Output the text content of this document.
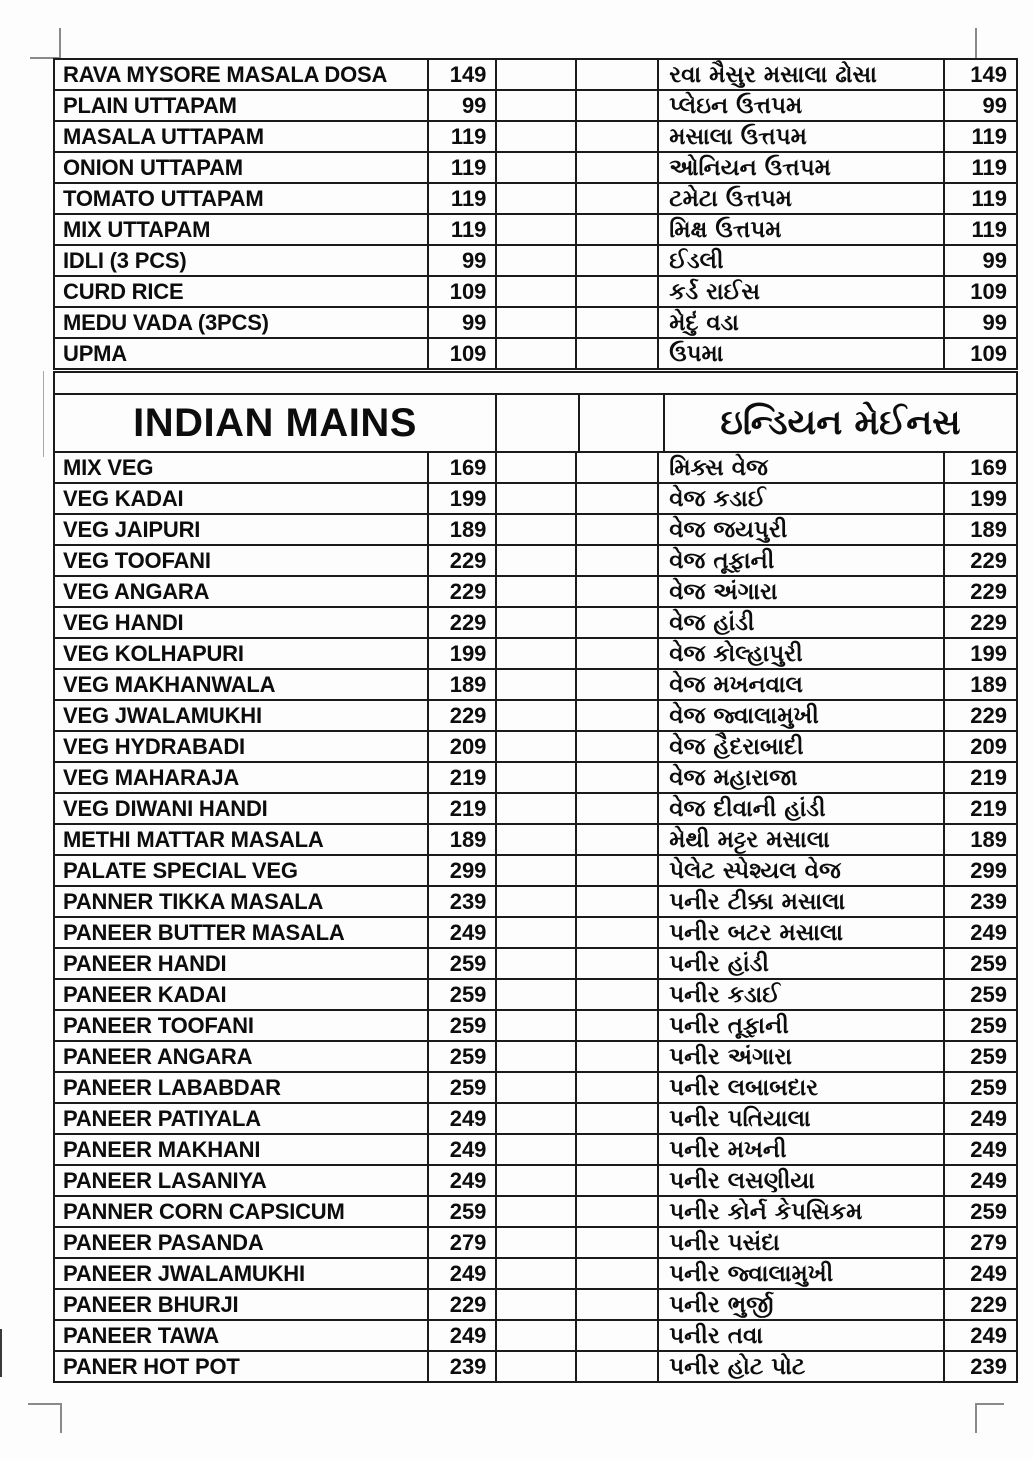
RAVA MYSORE MASALA DOSA	149	રવા મૈસુર મસાલા ઢોસા	149
PLAIN UTTAPAM	99	પ્લેઇન ઉત્તપમ	99
MASALA UTTAPAM	119	મસાલા ઉત્તપમ	119
ONION UTTAPAM	119	ઓનિયન ઉત્તપમ	119
TOMATO UTTAPAM	119	ટમેટા ઉત્તપમ	119
MIX UTTAPAM	119	મિક્ષ ઉત્તપમ	119
IDLI (3 PCS)	99	ઈડલી	99
CURD RICE	109	કર્ડ રાઈસ	109
MEDU VADA (3PCS)	99	મેદું વડા	99
UPMA	109	ઉપમા	109
INDIAN MAINS	ઇન્ડિયન મેઈનસ
MIX VEG	169	મિક્સ વેજ	169
VEG KADAI	199	વેજ કડાઈ	199
VEG JAIPURI	189	વેજ જયપુરી	189
VEG TOOFANI	229	વેજ તૂફાની	229
VEG ANGARA	229	વેજ અંગારા	229
VEG HANDI	229	વેજ હાંડી	229
VEG KOLHAPURI	199	વેજ કોલ્હાપુરી	199
VEG MAKHANWALA	189	વેજ મખનવાલ	189
VEG JWALAMUKHI	229	વેજ જ્વાલામુખી	229
VEG HYDRABADI	209	વેજ હૈદરાબાદી	209
VEG MAHARAJA	219	વેજ મહારાજા	219
VEG DIWANI HANDI	219	વેજ દીવાની હાંડી	219
METHI MATTAR MASALA	189	મેથી મટ્ટર મસાલા	189
PALATE SPECIAL VEG	299	પેલેટ સ્પેશ્યલ વેજ	299
PANNER TIKKA MASALA	239	પનીર ટીક્કા મસાલા	239
PANEER BUTTER MASALA	249	પનીર બટર મસાલા	249
PANEER HANDI	259	પનીર હાંડી	259
PANEER KADAI	259	પનીર કડાઈ	259
PANEER TOOFANI	259	પનીર તૂફાની	259
PANEER ANGARA	259	પનીર અંગારા	259
PANEER LABABDAR	259	પનીર લબાબદાર	259
PANEER PATIYALA	249	પનીર પતિયાલા	249
PANEER MAKHANI	249	પનીર મખની	249
PANEER LASANIYA	249	પનીર લસણીયા	249
PANNER CORN CAPSICUM	259	પનીર કોર્ન કેપસિકમ	259
PANEER PASANDA	279	પનીર પસંદા	279
PANEER JWALAMUKHI	249	પનીર જ્વાલામુખી	249
PANEER BHURJI	229	પનીર ભુર્જી	229
PANEER TAWA	249	પનીર તવા	249
PANER HOT POT	239	પનીર હોટ પોટ	239
